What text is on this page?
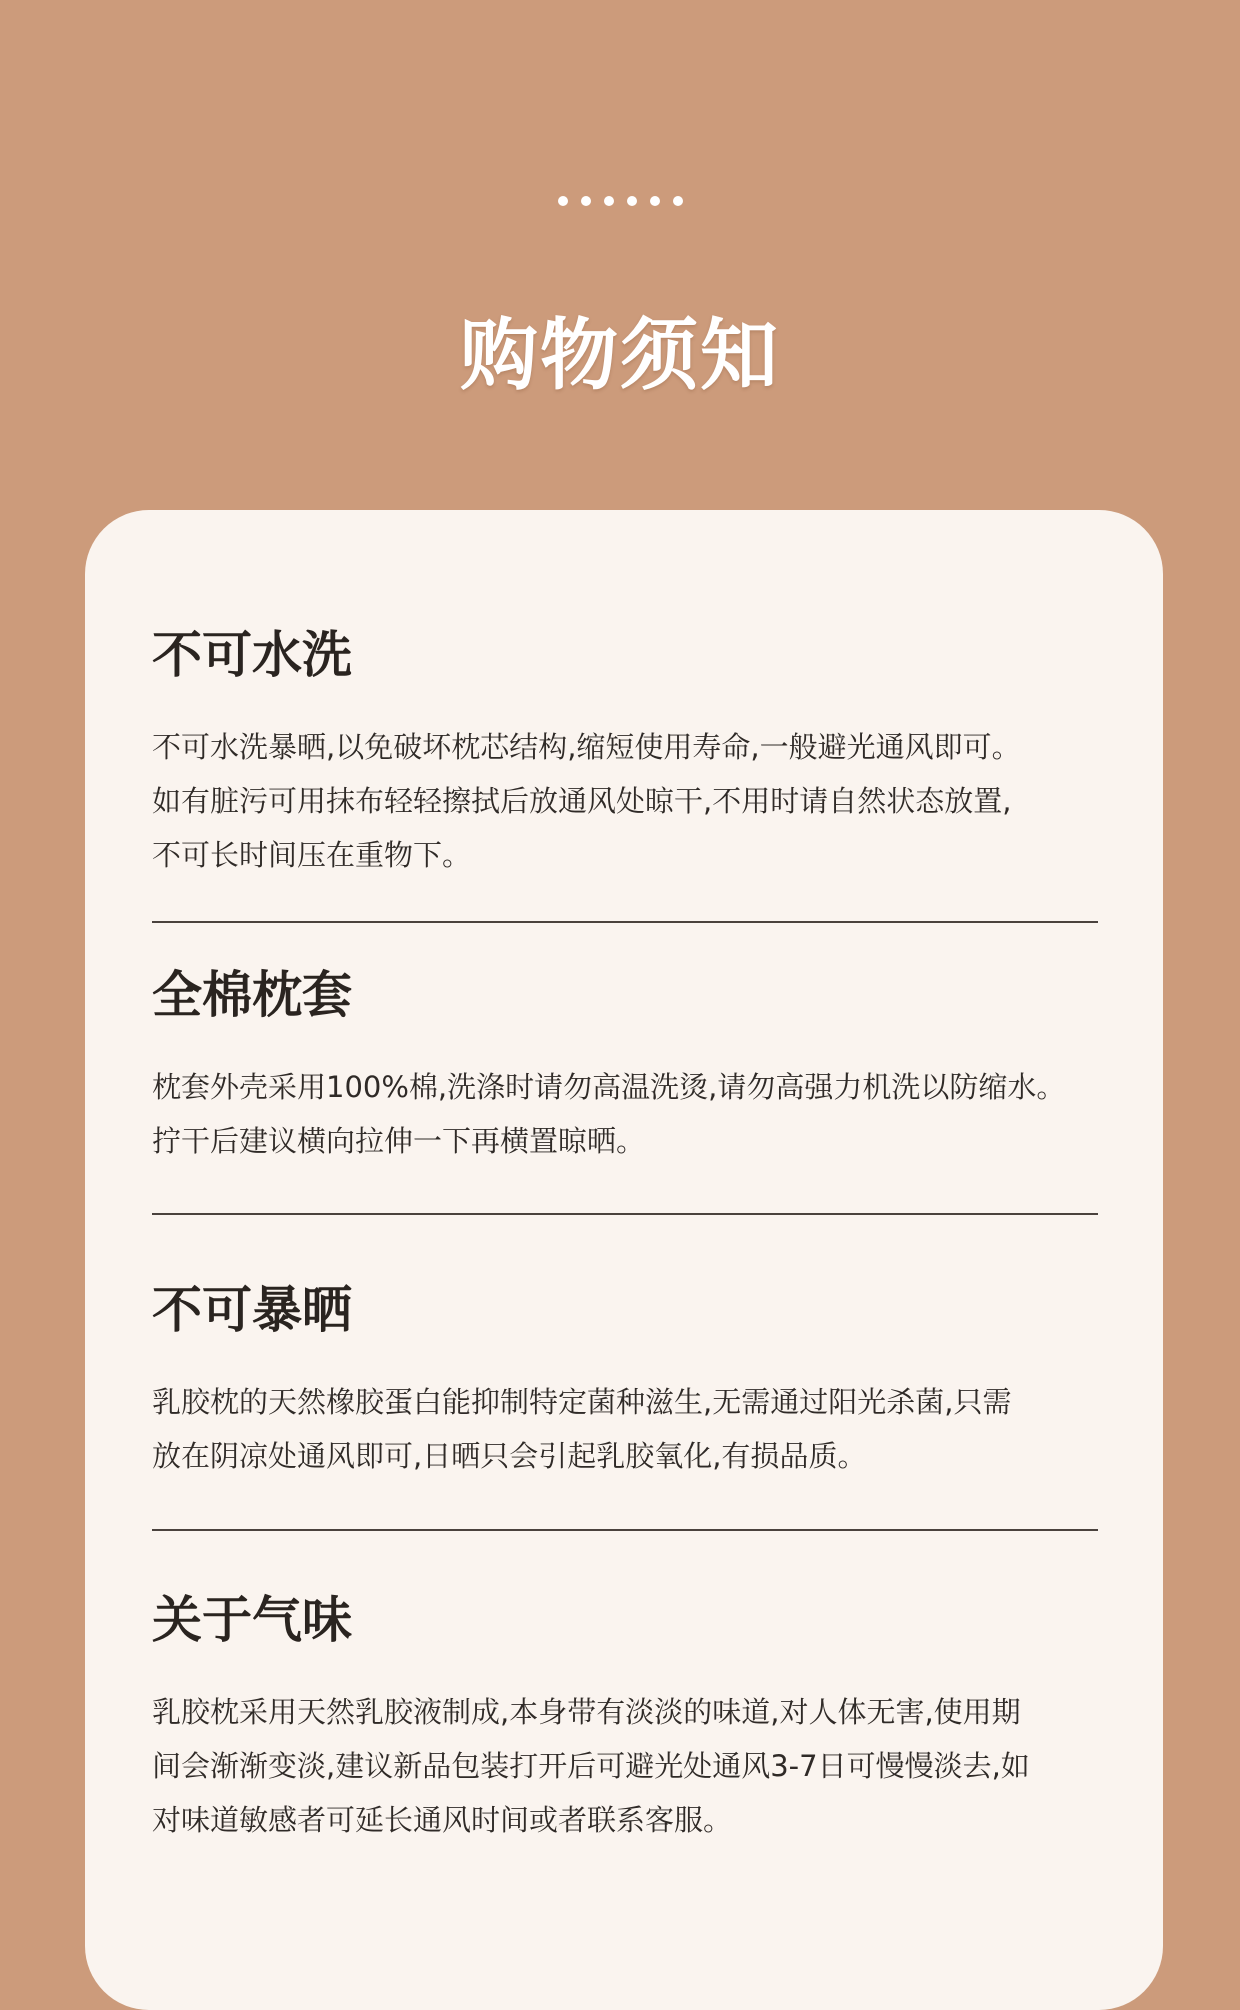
购物须知
不可水洗
不可水洗暴晒,以免破坏枕芯结构,缩短使用寿命,一般避光通风即可。
如有脏污可用抹布轻轻擦拭后放通风处晾干,不用时请自然状态放置,
不可长时间压在重物下。
全棉枕套
枕套外壳采用100%棉,洗涤时请勿高温洗烫,请勿高强力机洗以防缩水。
拧干后建议横向拉伸一下再横置晾晒。
不可暴晒
乳胶枕的天然橡胶蛋白能抑制特定菌种滋生,无需通过阳光杀菌,只需
放在阴凉处通风即可,日晒只会引起乳胶氧化,有损品质。
关于气味
乳胶枕采用天然乳胶液制成,本身带有淡淡的味道,对人体无害,使用期
间会渐渐变淡,建议新品包装打开后可避光处通风3-7日可慢慢淡去,如
对味道敏感者可延长通风时间或者联系客服。
